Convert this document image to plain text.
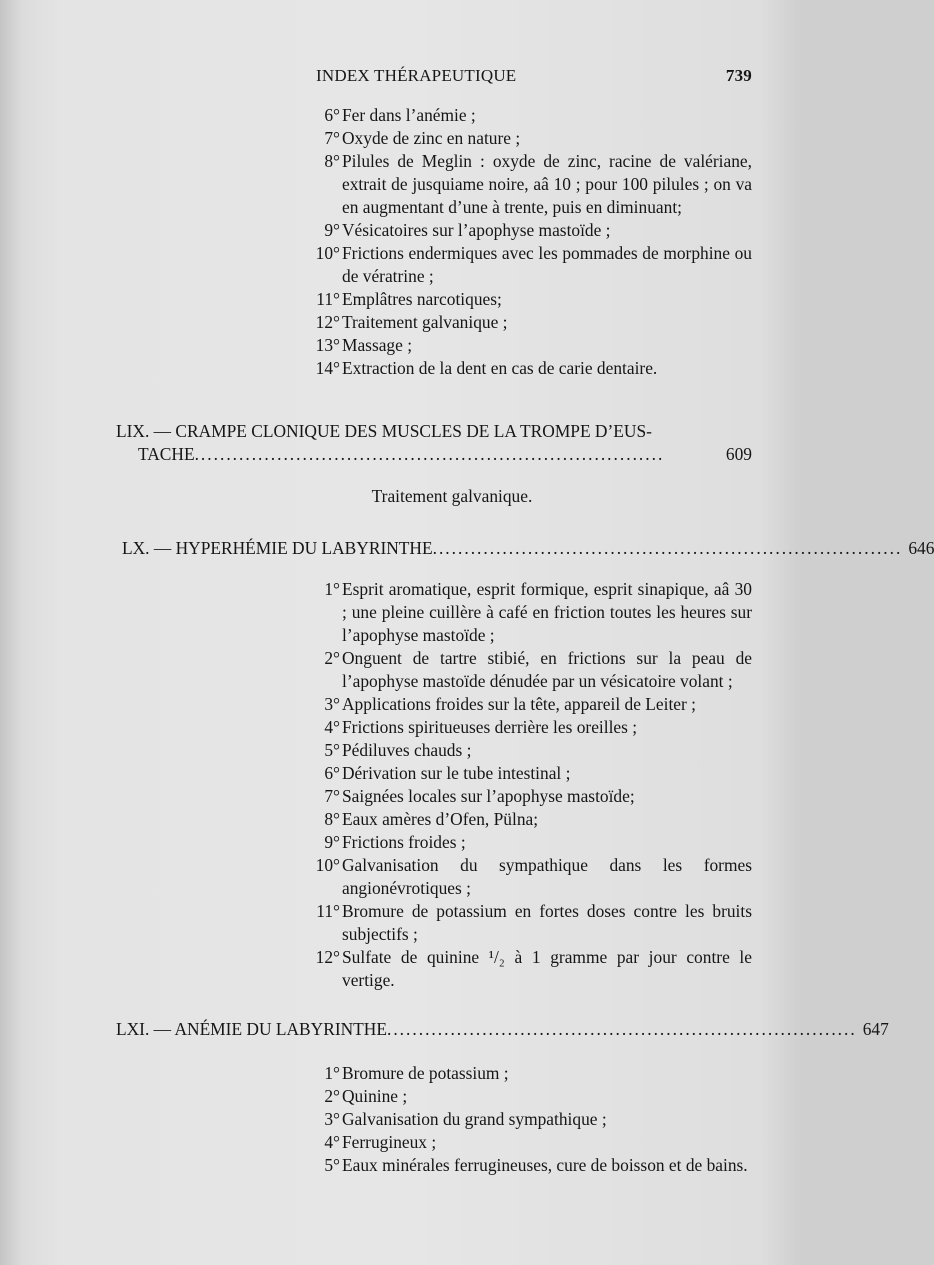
INDEX THÉRAPEUTIQUE	739
6° Fer dans l’anémie ;
7° Oxyde de zinc en nature ;
8° Pilules de Meglin : oxyde de zinc, racine de valériane, extrait de jusquiame noire, aâ 10 ; pour 100 pilules ; on va en augmentant d’une à trente, puis en diminuant;
9° Vésicatoires sur l’apophyse mastoïde ;
10° Frictions endermiques avec les pommades de morphine ou de vératrine ;
11° Emplâtres narcotiques;
12° Traitement galvanique ;
13° Massage ;
14° Extraction de la dent en cas de carie dentaire.
LIX. — CRAMPE CLONIQUE DES MUSCLES DE LA TROMPE D’EUS-
TACHE ..........................................................................	609
Traitement galvanique.
LX. — HYPERHÉMIE DU LABYRINTHE .......................................................................... 646
1° Esprit aromatique, esprit formique, esprit sinapique, aâ 30 ; une pleine cuillère à café en friction toutes les heures sur l’apophyse mastoïde ;
2° Onguent de tartre stibié, en frictions sur la peau de l’apophyse mastoïde dénudée par un vésicatoire volant ;
3° Applications froides sur la tête, appareil de Leiter ;
4° Frictions spiritueuses derrière les oreilles ;
5° Pédiluves chauds ;
6° Dérivation sur le tube intestinal ;
7° Saignées locales sur l’apophyse mastoïde;
8° Eaux amères d’Ofen, Pülna;
9° Frictions froides ;
10° Galvanisation du sympathique dans les formes angionévrotiques ;
11° Bromure de potassium en fortes doses contre les bruits subjectifs ;
12° Sulfate de quinine ¹/₂ à 1 gramme par jour contre le vertige.
LXI. — ANÉMIE DU LABYRINTHE .......................................................................... 647
1° Bromure de potassium ;
2° Quinine ;
3° Galvanisation du grand sympathique ;
4° Ferrugineux ;
5° Eaux minérales ferrugineuses, cure de boisson et de bains.
